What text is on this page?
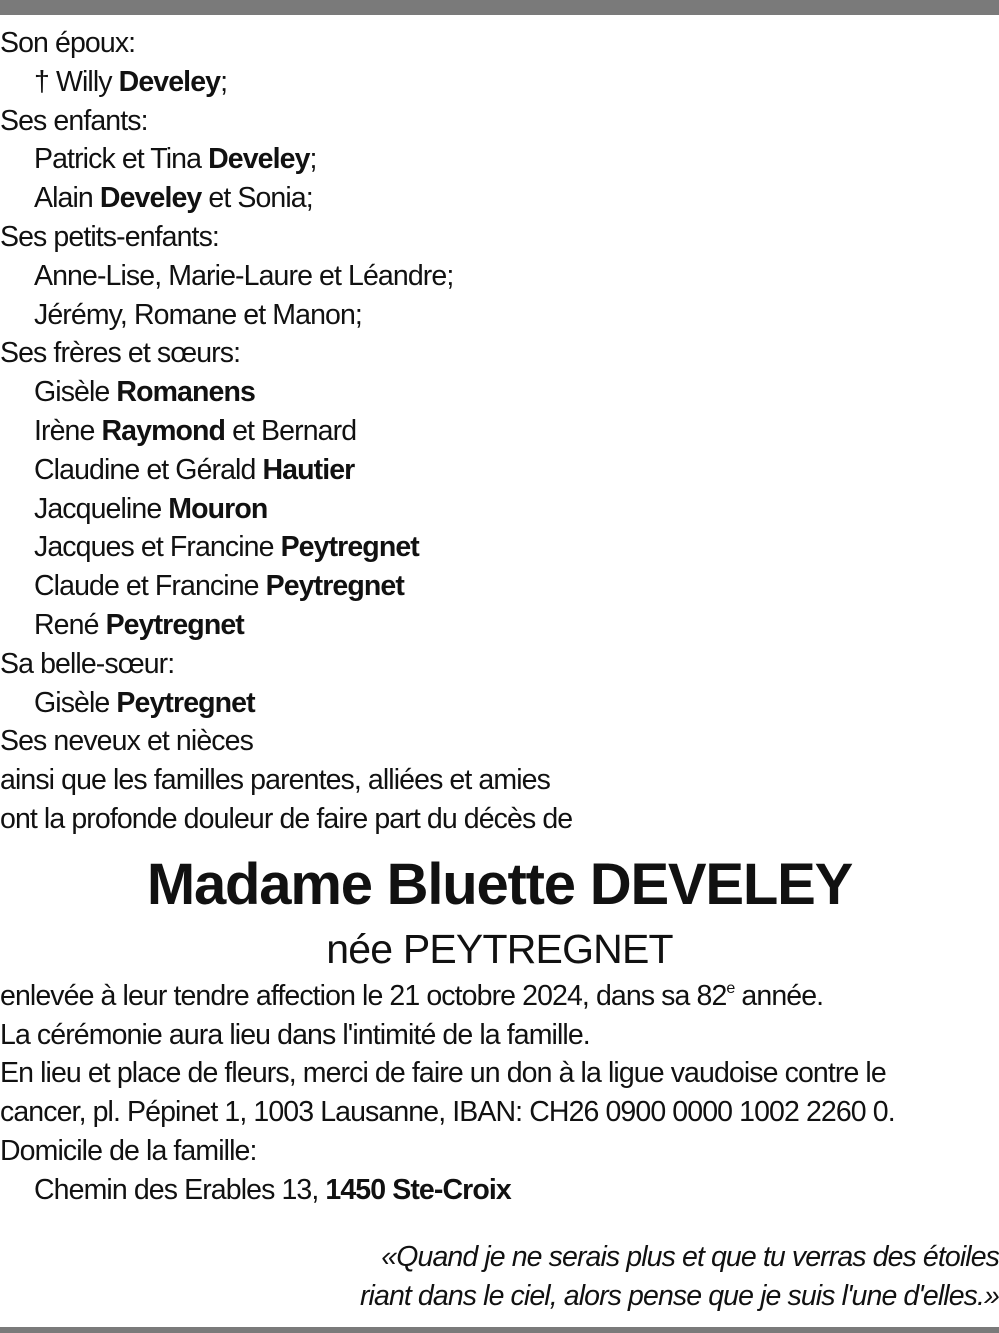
Son époux:
† Willy Develey;
Ses enfants:
Patrick et Tina Develey;
Alain Develey et Sonia;
Ses petits-enfants:
Anne-Lise, Marie-Laure et Léandre;
Jérémy, Romane et Manon;
Ses frères et sœurs:
Gisèle Romanens
Irène Raymond et Bernard
Claudine et Gérald Hautier
Jacqueline Mouron
Jacques et Francine Peytregnet
Claude et Francine Peytregnet
René Peytregnet
Sa belle-sœur:
Gisèle Peytregnet
Ses neveux et nièces
ainsi que les familles parentes, alliées et amies
ont la profonde douleur de faire part du décès de
Madame Bluette DEVELEY
née PEYTREGNET
enlevée à leur tendre affection le 21 octobre 2024, dans sa 82e année.
La cérémonie aura lieu dans l'intimité de la famille.
En lieu et place de fleurs, merci de faire un don à la ligue vaudoise contre le
cancer, pl. Pépinet 1, 1003 Lausanne, IBAN: CH26 0900 0000 1002 2260 0.
Domicile de la famille:
Chemin des Erables 13, 1450 Ste-Croix
«Quand je ne serais plus et que tu verras des étoiles
riant dans le ciel, alors pense que je suis l'une d'elles.»
